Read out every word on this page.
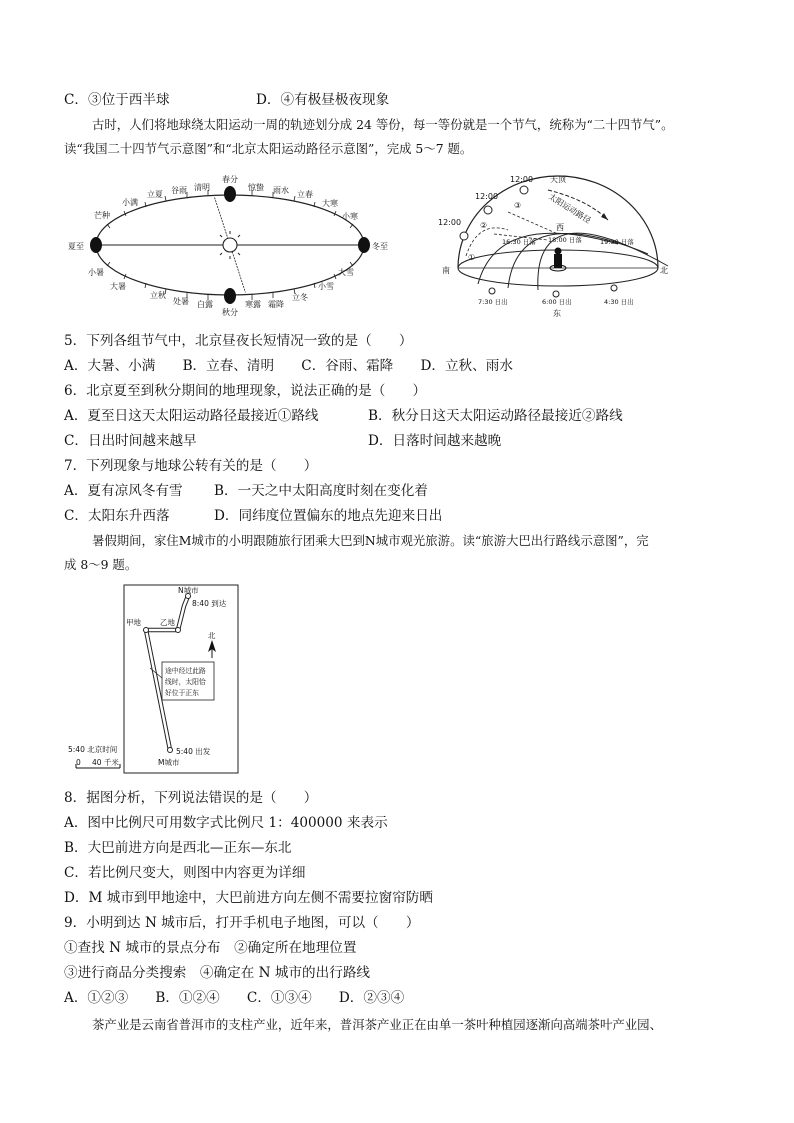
C．③位于西半球	D．④有极昼极夜现象
古时，人们将地球绕太阳运动一周的轨迹划分成 24 等份，每一等份就是一个节气，统称为“二十四节气”。
读“我国二十四节气示意图”和“北京太阳运动路径示意图”，完成 5～7 题。
芒种
小满
立夏 谷雨 清明
春分
惊蛰 雨水 立春
大寒
小寒
冬至
大雪
小雪
立冬
霜降
寒露
秋分
白露
处暑
立秋
夏至
小暑
大暑
天顶
12:00
12:00
12:00
①
②
③	太阳运动路径
西
16:30 日落 18:00 日落	19:30 日落
南	北
7:30 日出	6:00 日出	4:30 日出
东
5．下列各组节气中，北京昼夜长短情况一致的是（　　）
A．大暑、小满　　B．立春、清明　　C．谷雨、霜降　　D．立秋、雨水
6．北京夏至到秋分期间的地理现象，说法正确的是（　　）
A．夏至日这天太阳运动路径最接近①路线	B．秋分日这天太阳运动路径最接近②路线
C．日出时间越来越早	D．日落时间越来越晚
7．下列现象与地球公转有关的是（　　）
A．夏有凉风冬有雪 B．一天之中太阳高度时刻在变化着
C．太阳东升西落	D．同纬度位置偏东的地点先迎来日出
暑假期间，家住M城市的小明跟随旅行团乘大巴到N城市观光旅游。读“旅游大巴出行路线示意图”，完
成 8～9 题。
N城市
8:40 到达
甲地	乙地
北
途中经过此路
线时，太阳恰
好位于正东
5:40 出发
M城市
5:40 北京时间
0 40 千米
8．据图分析，下列说法错误的是（　　）
A．图中比例尺可用数字式比例尺 1：400000 来表示
B．大巴前进方向是西北—正东—东北
C．若比例尺变大，则图中内容更为详细
D．M 城市到甲地途中，大巴前进方向左侧不需要拉窗帘防晒
9．小明到达 N 城市后，打开手机电子地图，可以（　　）
①查找 N 城市的景点分布　②确定所在地理位置
③进行商品分类搜索　④确定在 N 城市的出行路线
A．①②③　　B．①②④　　C．①③④　　D．②③④
茶产业是云南省普洱市的支柱产业，近年来，普洱茶产业正在由单一茶叶种植园逐渐向高端茶叶产业园、
